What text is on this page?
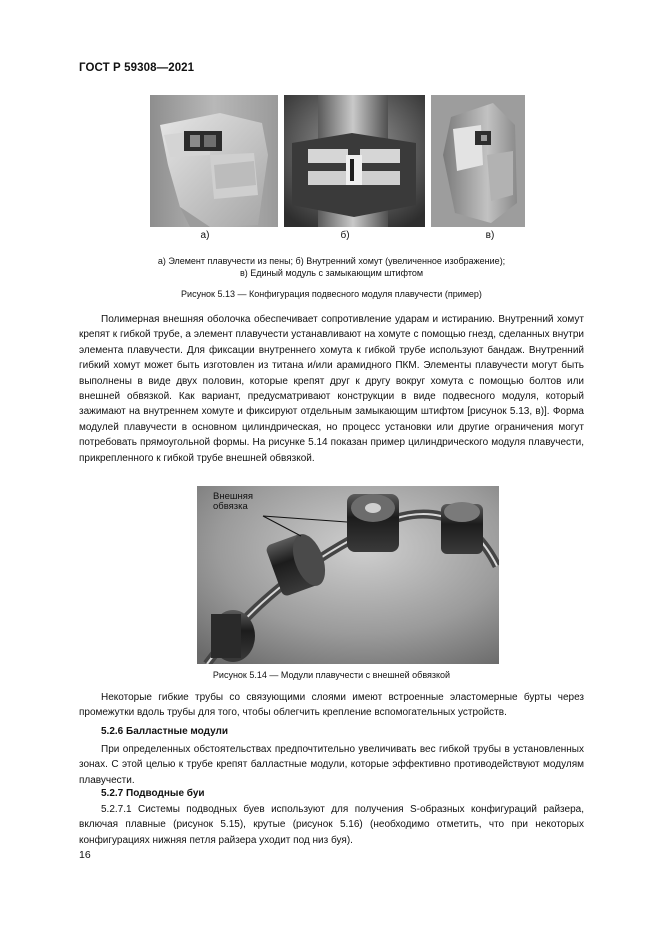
ГОСТ Р 59308—2021
а)	б)	в)
а) Элемент плавучести из пены; б) Внутренний хомут (увеличенное изображение);
в) Единый модуль с замыкающим штифтом
Рисунок 5.13 — Конфигурация подвесного модуля плавучести (пример)

Полимерная внешняя оболочка обеспечивает сопротивление ударам и истиранию. Внутренний хомут крепят к гибкой трубе, а элемент плавучести устанавливают на хомуте с помощью гнезд, сделанных внутри элемента плавучести. Для фиксации внутреннего хомута к гибкой трубе используют бандаж. Внутренний гибкий хомут может быть изготовлен из титана и/или арамидного ПКМ. Элементы плавучести могут быть выполнены в виде двух половин, которые крепят друг к другу вокруг хомута с помощью болтов или внешней обвязкой. Как вариант, предусматривают конструкции в виде подвесного модуля, который зажимают на внутреннем хомуте и фиксируют отдельным замыкающим штифтом [рисунок 5.13, в)]. Форма модулей плавучести в основном цилиндрическая, но процесс установки или другие ограничения могут потребовать прямоугольной формы. На рисунке 5.14 показан пример цилиндрического модуля плавучести, прикрепленного к гибкой трубе внешней обвязкой.

Внешняя
обвязка
Рисунок 5.14 — Модули плавучести с внешней обвязкой

Некоторые гибкие трубы со связующими слоями имеют встроенные эластомерные бурты через промежутки вдоль трубы для того, чтобы облегчить крепление вспомогательных устройств.

5.2.6 Балластные модули

При определенных обстоятельствах предпочтительно увеличивать вес гибкой трубы в установленных зонах. С этой целью к трубе крепят балластные модули, которые эффективно противодействуют модулям плавучести.

5.2.7 Подводные буи

5.2.7.1 Системы подводных буев используют для получения S-образных конфигураций райзера, включая плавные (рисунок 5.15), крутые (рисунок 5.16) (необходимо отметить, что при некоторых конфигурациях нижняя петля райзера уходит под низ буя).

16
